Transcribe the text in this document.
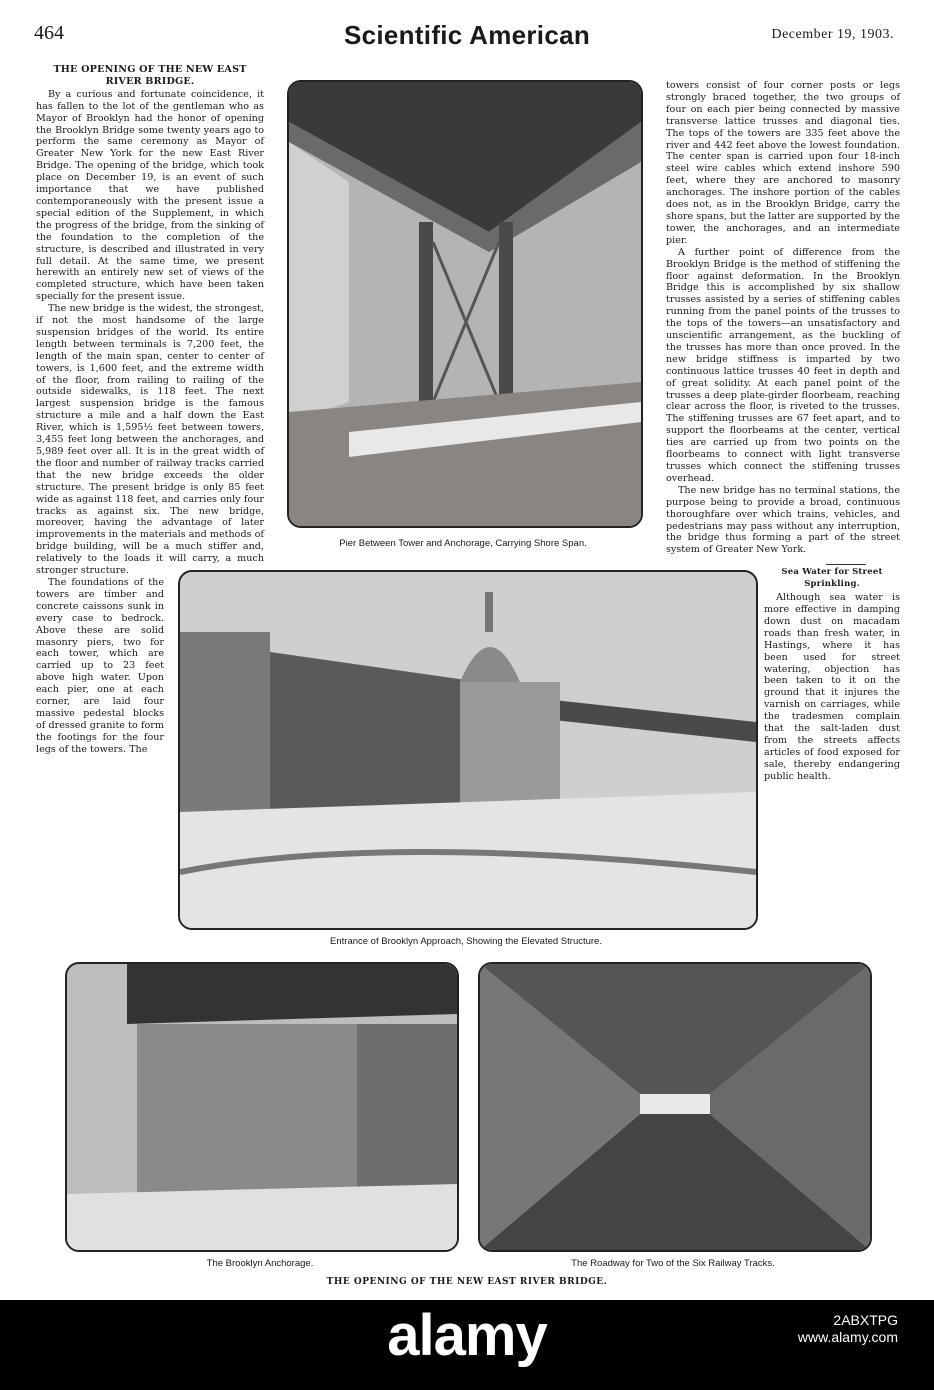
464	Scientific American	December 19, 1903.
THE OPENING OF THE NEW EAST RIVER BRIDGE.

By a curious and fortunate coincidence, it has fallen to the lot of the gentleman who as Mayor of Brooklyn had the honor of opening the Brooklyn Bridge some twenty years ago to perform the same ceremony as Mayor of Greater New York for the new East River Bridge. The opening of the bridge, which took place on December 19, is an event of such importance that we have published contemporaneously with the present issue a special edition of the Supplement, in which the progress of the bridge, from the sinking of the foundation to the completion of the structure, is described and illustrated in very full detail. At the same time, we present herewith an entirely new set of views of the completed structure, which have been taken specially for the present issue.

The new bridge is the widest, the strongest, if not the most handsome of the large suspension bridges of the world. Its entire length between terminals is 7,200 feet, the length of the main span, center to center of towers, is 1,600 feet, and the extreme width of the floor, from railing to railing of the outside sidewalks, is 118 feet. The next largest suspension bridge is the famous structure a mile and a half down the East River, which is 1,595½ feet between towers, 3,455 feet long between the anchorages, and 5,989 feet over all. It is in the great width of the floor and number of railway tracks carried that the new bridge exceeds the older structure. The present bridge is only 85 feet wide as against 118 feet, and carries only four tracks as against six. The new bridge, moreover, having the advantage of later improvements in the materials and methods of bridge building, will be a much stiffer and, relatively to the loads it will carry, a much stronger structure.

The foundations of the towers are timber and concrete caissons sunk in every case to bedrock. Above these are solid masonry piers, two for each tower, which are carried up to 23 feet above high water. Upon each pier, one at each corner, are laid four massive pedestal blocks of dressed granite to form the footings for the four legs of the towers. The

towers consist of four corner posts or legs strongly braced together, the two groups of four on each pier being connected by massive transverse lattice trusses and diagonal ties. The tops of the towers are 335 feet above the river and 442 feet above the lowest foundation. The center span is carried upon four 18-inch steel wire cables which extend inshore 590 feet, where they are anchored to masonry anchorages. The inshore portion of the cables does not, as in the Brooklyn Bridge, carry the shore spans, but the latter are supported by the tower, the anchorages, and an intermediate pier.

A further point of difference from the Brooklyn Bridge is the method of stiffening the floor against deformation. In the Brooklyn Bridge this is accomplished by six shallow trusses assisted by a series of stiffening cables running from the panel points of the trusses to the tops of the towers—an unsatisfactory and unscientific arrangement, as the buckling of the trusses has more than once proved. In the new bridge stiffness is imparted by two continuous lattice trusses 40 feet in depth and of great solidity. At each panel point of the trusses a deep plate-girder floorbeam, reaching clear across the floor, is riveted to the trusses. The stiffening trusses are 67 feet apart, and to support the floorbeams at the center, vertical ties are carried up from two points on the floorbeams to connect with light transverse trusses which connect the stiffening trusses overhead.

The new bridge has no terminal stations, the purpose being to provide a broad, continuous thoroughfare over which trains, vehicles, and pedestrians may pass without any interruption, the bridge thus forming a part of the street system of Greater New York.

Sea Water for Street Sprinkling.

Although sea water is more effective in damping down dust on macadam roads than fresh water, in Hastings, where it has been used for street watering, objection has been taken to it on the ground that it injures the varnish on carriages, while the tradesmen complain that the salt-laden dust from the streets affects articles of food exposed for sale, thereby endangering public health.

Pier Between Tower and Anchorage, Carrying Shore Span.
Entrance of Brooklyn Approach, Showing the Elevated Structure.
The Brooklyn Anchorage.	The Roadway for Two of the Six Railway Tracks.
THE OPENING OF THE NEW EAST RIVER BRIDGE.
alamy	2ABXTPG
www.alamy.com
